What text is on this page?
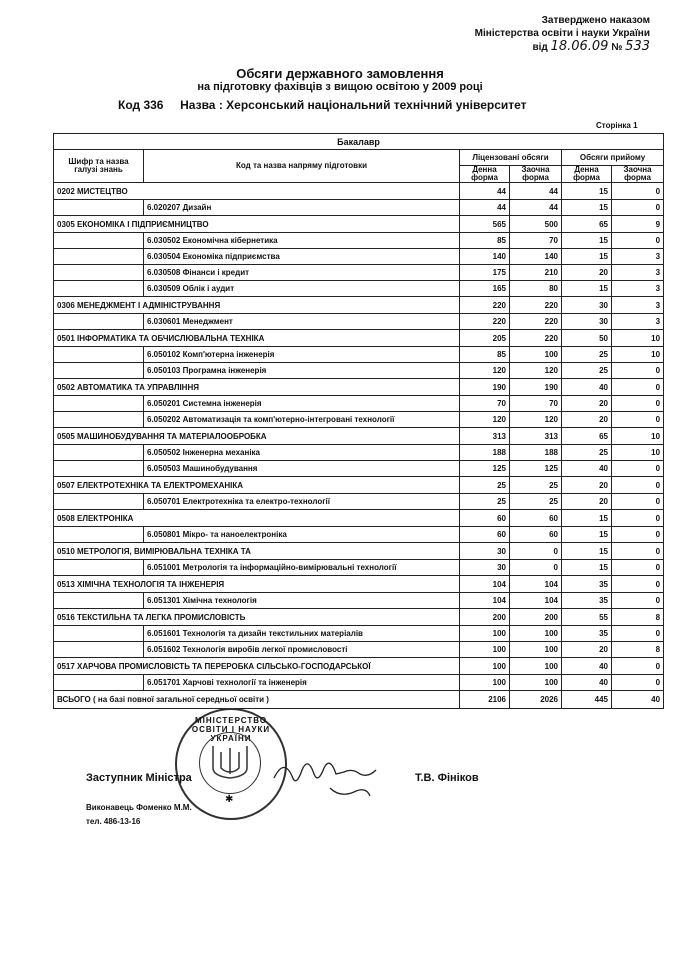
Затверджено наказом
Міністерства освіти і науки України
від 18.06.09 № 533
Обсяги державного замовлення
на підготовку фахівців з вищою освітою у 2009 році
Код 336 Назва : Херсонський національний технічний університет
Сторінка 1
Бакалавр					
Шифр та назва галузі знань	Код та назва напряму підготовки	Ліцензовані обсяги		Обсяги прийому	
		Денна форма	Заочна форма	Денна форма	Заочна форма
0202 МИСТЕЦТВО		44	44	15	0
	6.020207 Дизайн	44	44	15	0
0305 ЕКОНОМІКА І ПІДПРИЄМНИЦТВО		565	500	65	9
	6.030502 Економічна кібернетика	85	70	15	0
	6.030504 Економіка підприємства	140	140	15	3
	6.030508 Фінанси і кредит	175	210	20	3
	6.030509 Облік і аудит	165	80	15	3
0306 МЕНЕДЖМЕНТ І АДМІНІСТРУВАННЯ		220	220	30	3
	6.030601 Менеджмент	220	220	30	3
0501 ІНФОРМАТИКА ТА ОБЧИСЛЮВАЛЬНА ТЕХНІКА		205	220	50	10
	6.050102 Комп'ютерна інженерія	85	100	25	10
	6.050103 Програмна інженерія	120	120	25	0
0502 АВТОМАТИКА ТА УПРАВЛІННЯ		190	190	40	0
	6.050201 Системна інженерія	70	70	20	0
	6.050202 Автоматизація та комп'ютерно-інтегровані технології	120	120	20	0
0505 МАШИНОБУДУВАННЯ ТА МАТЕРІАЛООБРОБКА		313	313	65	10
	6.050502 Інженерна механіка	188	188	25	10
	6.050503 Машинобудування	125	125	40	0
0507 ЕЛЕКТРОТЕХНІКА ТА ЕЛЕКТРОМЕХАНІКА		25	25	20	0
	6.050701 Електротехніка та електро-технології	25	25	20	0
0508 ЕЛЕКТРОНІКА		60	60	15	0
	6.050801 Мікро- та наноелектроніка	60	60	15	0
0510 МЕТРОЛОГІЯ, ВИМІРЮВАЛЬНА ТЕХНІКА ТА		30	0	15	0
	6.051001 Метрологія та інформаційно-вимірювальні технології	30	0	15	0
0513 ХІМІЧНА ТЕХНОЛОГІЯ ТА ІНЖЕНЕРІЯ		104	104	35	0
	6.051301 Хімічна технологія	104	104	35	0
0516 ТЕКСТИЛЬНА ТА ЛЕГКА ПРОМИСЛОВІСТЬ		200	200	55	8
	6.051601 Технологія та дизайн текстильних матеріалів	100	100	35	0
	6.051602 Технологія виробів легкої промисловості	100	100	20	8
0517 ХАРЧОВА ПРОМИСЛОВІСТЬ ТА ПЕРЕРОБКА СІЛЬСЬКО-ГОСПОДАРСЬКОЇ		100	100	40	0
	6.051701 Харчові технології та інженерія	100	100	40	0
ВСЬОГО ( на базі повної загальної середньої освіти )		2106	2026	445	40
МІНІСТЕРСТВО ОСВІТИ І НАУКИ УКРАЇНИ
✱
Заступник Міністра	Т.В. Фініков
Виконавець Фоменко М.М.
тел. 486-13-16
